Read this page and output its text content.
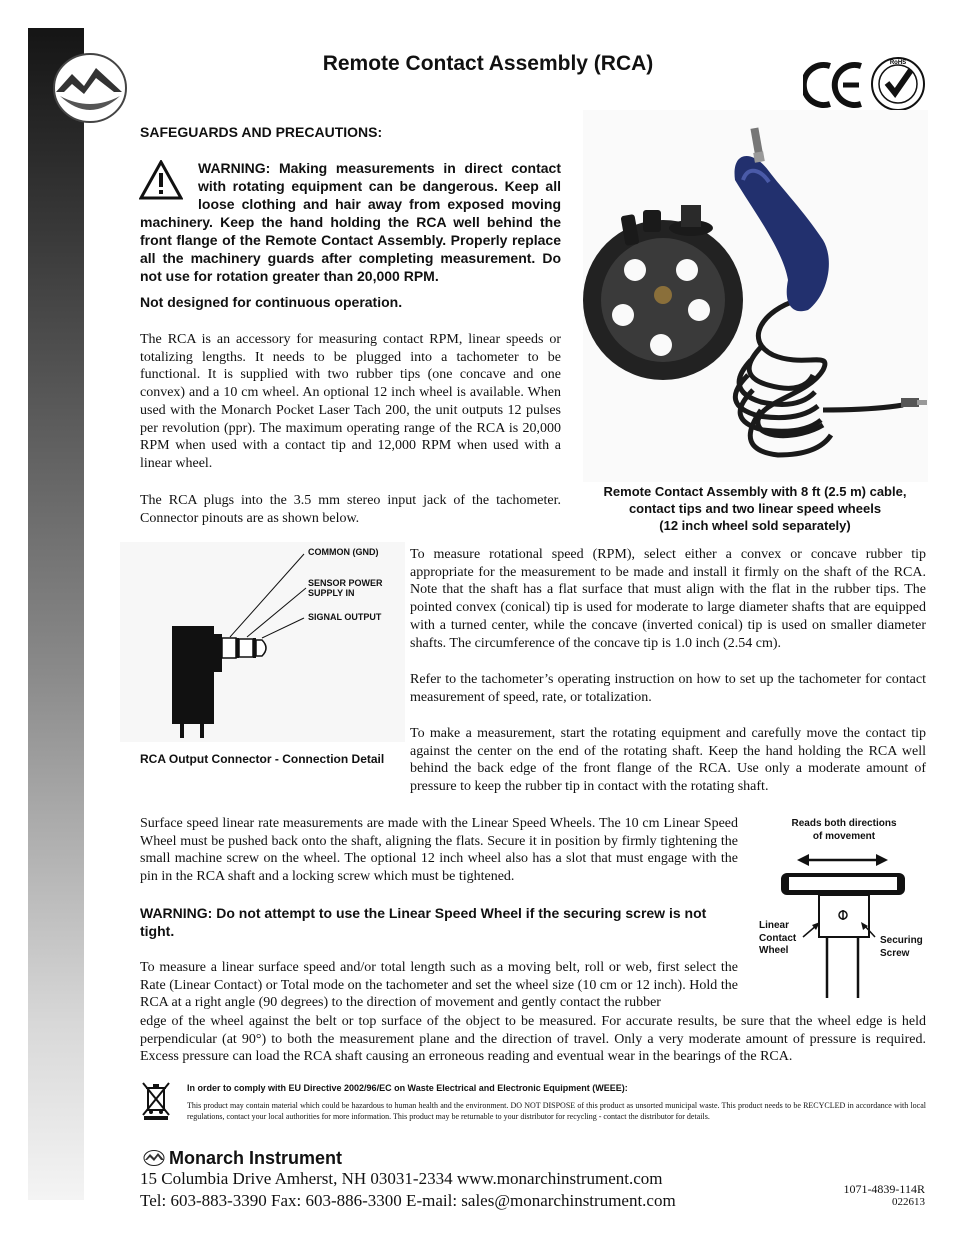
Remote Contact Assembly (RCA)	RoHS
SAFEGUARDS AND PRECAUTIONS:
WARNING: Making measurements in direct contact with rotating equipment can be dangerous. Keep all loose clothing and hair away from exposed moving machinery. Keep the hand holding the RCA well behind the front flange of the Remote Contact Assembly. Properly replace all the machinery guards after completing measurement. Do not use for rotation greater than 20,000 RPM.
Not designed for continuous operation.
The RCA is an accessory for measuring contact RPM, linear speeds or totalizing lengths. It needs to be plugged into a tachometer to be functional. It is supplied with two rubber tips (one concave and one convex) and a 10 cm wheel. An optional 12 inch wheel is available. When used with the Monarch Pocket Laser Tach 200, the unit outputs 12 pulses per revolution (ppr). The maximum operating range of the RCA is 20,000 RPM when used with a contact tip and 12,000 RPM when used with a linear wheel.
The RCA plugs into the 3.5 mm stereo input jack of the tachometer. Connector pinouts are as shown below.
Remote Contact Assembly with 8 ft (2.5 m) cable,
contact tips and two linear speed wheels
(12 inch wheel sold separately)
COMMON (GND)
SENSOR POWER
SUPPLY IN
SIGNAL OUTPUT
RCA Output Connector - Connection Detail
To measure rotational speed (RPM), select either a convex or concave rubber tip appropriate for the measurement to be made and install it firmly on the shaft of the RCA. Note that the shaft has a flat surface that must align with the flat in the rubber tips. The pointed convex (conical) tip is used for moderate to large diameter shafts that are equipped with a turned center, while the concave (inverted conical) tip is used on smaller diameter shafts. The circumference of the concave tip is 1.0 inch (2.54 cm).
Refer to the tachometer’s operating instruction on how to set up the tachometer for contact measurement of speed, rate, or totalization.
To make a measurement, start the rotating equipment and carefully move the contact tip against the center on the end of the rotating shaft. Keep the hand holding the RCA well behind the back edge of the front flange of the RCA. Use only a moderate amount of pressure to keep the rubber tip in contact with the rotating shaft.
Surface speed linear rate measurements are made with the Linear Speed Wheels. The 10 cm Linear Speed Wheel must be pushed back onto the shaft, aligning the flats. Secure it in position by firmly tightening the small machine screw on the wheel. The optional 12 inch wheel also has a slot that must engage with the pin in the RCA shaft and a locking screw which must be tightened.
WARNING: Do not attempt to use the Linear Speed Wheel if the securing screw is not tight.
To measure a linear surface speed and/or total length such as a moving belt, roll or web, first select the Rate (Linear Contact) or Total mode on the tachometer and set the wheel size (10 cm or 12 inch). Hold the RCA at a right angle (90 degrees) to the direction of movement and gently contact the rubber
edge of the wheel against the belt or top surface of the object to be measured. For accurate results, be sure that the wheel edge is held perpendicular (at 90°) to both the measurement plane and the direction of travel. Only a very moderate amount of pressure is required. Excess pressure can load the RCA shaft causing an erroneous reading and eventual wear in the bearings of the RCA.
Reads both directions
of movement
Linear
Contact
Wheel
Securing
Screw
In order to comply with EU Directive 2002/96/EC on Waste Electrical and Electronic Equipment (WEEE):
This product may contain material which could be hazardous to human health and the environment. DO NOT DISPOSE of this product as unsorted municipal waste. This product needs to be RECYCLED in accordance with local regulations, contact your local authorities for more information. This product may be returnable to your distributor for recycling - contact the distributor for details.
Monarch Instrument
15 Columbia Drive Amherst, NH 03031-2334 www.monarchinstrument.com
Tel: 603-883-3390 Fax: 603-886-3300 E-mail: sales@monarchinstrument.com
1071-4839-114R
022613
